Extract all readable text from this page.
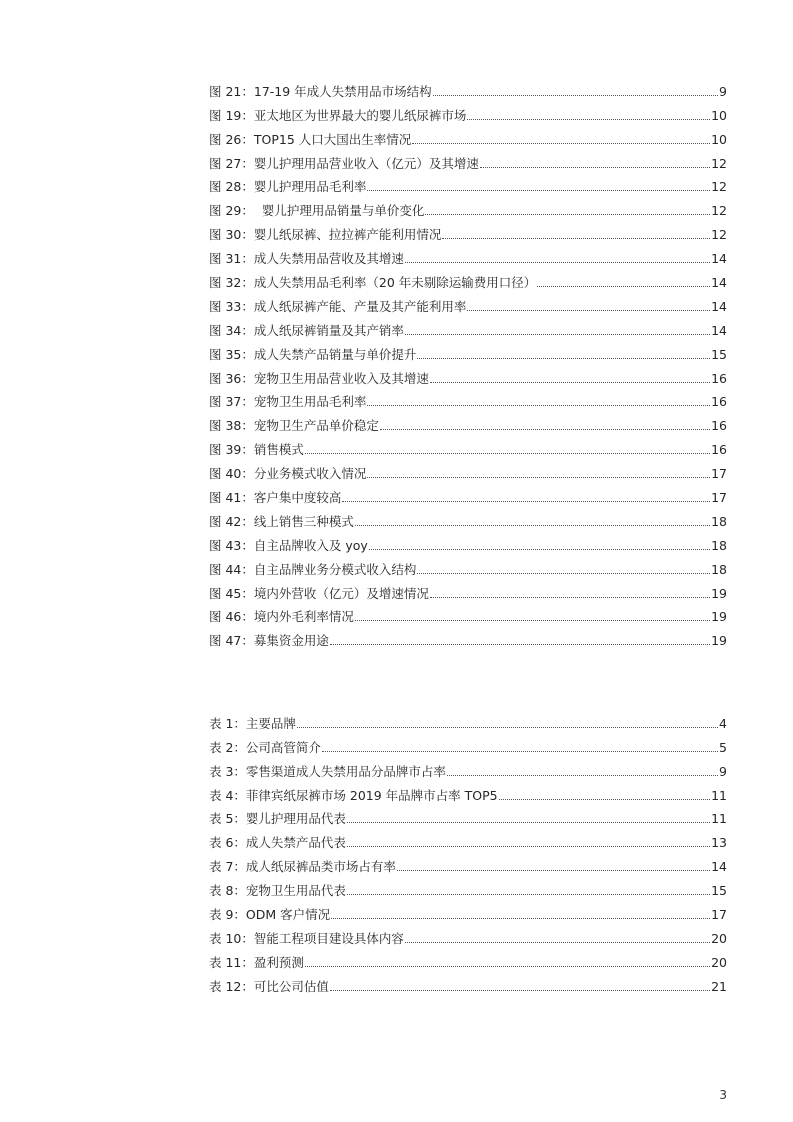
图 21：17-19 年成人失禁用品市场结构	9
图 19：亚太地区为世界最大的婴儿纸尿裤市场	10
图 26：TOP15 人口大国出生率情况	10
图 27：婴儿护理用品营业收入（亿元）及其增速	12
图 28：婴儿护理用品毛利率	12
图 29：  婴儿护理用品销量与单价变化	12
图 30：婴儿纸尿裤、拉拉裤产能利用情况	12
图 31：成人失禁用品营收及其增速	14
图 32：成人失禁用品毛利率（20 年未剔除运输费用口径）	14
图 33：成人纸尿裤产能、产量及其产能利用率	14
图 34：成人纸尿裤销量及其产销率	14
图 35：成人失禁产品销量与单价提升	15
图 36：宠物卫生用品营业收入及其增速	16
图 37：宠物卫生用品毛利率	16
图 38：宠物卫生产品单价稳定	16
图 39：销售模式	16
图 40：分业务模式收入情况	17
图 41：客户集中度较高	17
图 42：线上销售三种模式	18
图 43：自主品牌收入及 yoy	18
图 44：自主品牌业务分模式收入结构	18
图 45：境内外营收（亿元）及增速情况	19
图 46：境内外毛利率情况	19
图 47：募集资金用途	19
表 1：主要品牌	4
表 2：公司高管简介	5
表 3：零售渠道成人失禁用品分品牌市占率	9
表 4：菲律宾纸尿裤市场 2019 年品牌市占率 TOP5	11
表 5：婴儿护理用品代表	11
表 6：成人失禁产品代表	13
表 7：成人纸尿裤品类市场占有率	14
表 8：宠物卫生用品代表	15
表 9：ODM 客户情况	17
表 10：智能工程项目建设具体内容	20
表 11：盈利预测	20
表 12：可比公司估值	21
3
